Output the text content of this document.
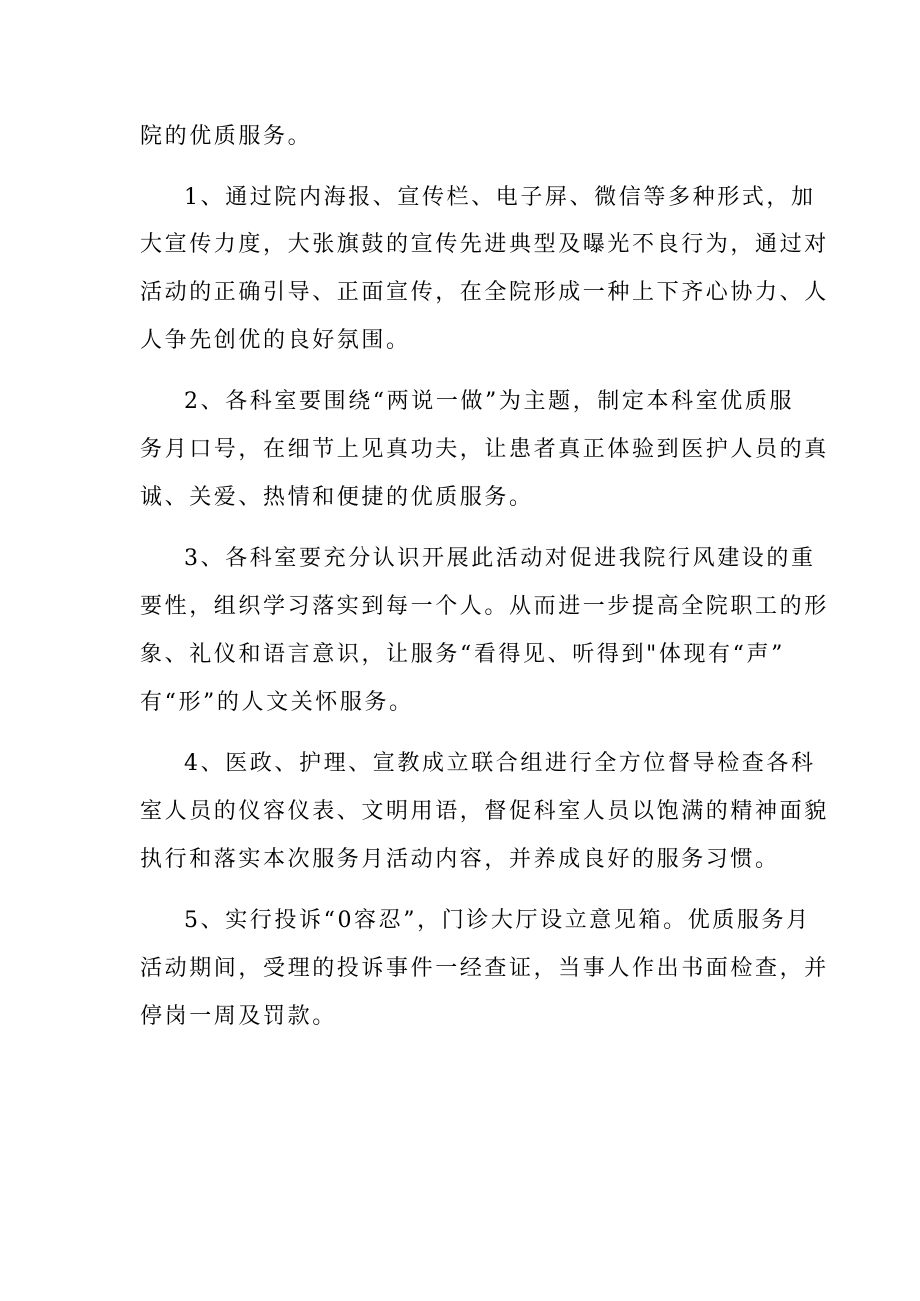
院的优质服务。

1、通过院内海报、宣传栏、电子屏、微信等多种形式，加

大宣传力度，大张旗鼓的宣传先进典型及曝光不良行为，通过对

活动的正确引导、正面宣传，在全院形成一种上下齐心协力、人

人争先创优的良好氛围。

2、各科室要围绕“两说一做”为主题，制定本科室优质服

务月口号，在细节上见真功夫，让患者真正体验到医护人员的真

诚、关爱、热情和便捷的优质服务。

3、各科室要充分认识开展此活动对促进我院行风建设的重

要性，组织学习落实到每一个人。从而进一步提高全院职工的形

象、礼仪和语言意识，让服务“看得见、听得到"体现有“声”

有“形”的人文关怀服务。

4、医政、护理、宣教成立联合组进行全方位督导检查各科

室人员的仪容仪表、文明用语，督促科室人员以饱满的精神面貌

执行和落实本次服务月活动内容，并养成良好的服务习惯。

5、实行投诉“0容忍”，门诊大厅设立意见箱。优质服务月

活动期间，受理的投诉事件一经查证，当事人作出书面检查，并

停岗一周及罚款。
